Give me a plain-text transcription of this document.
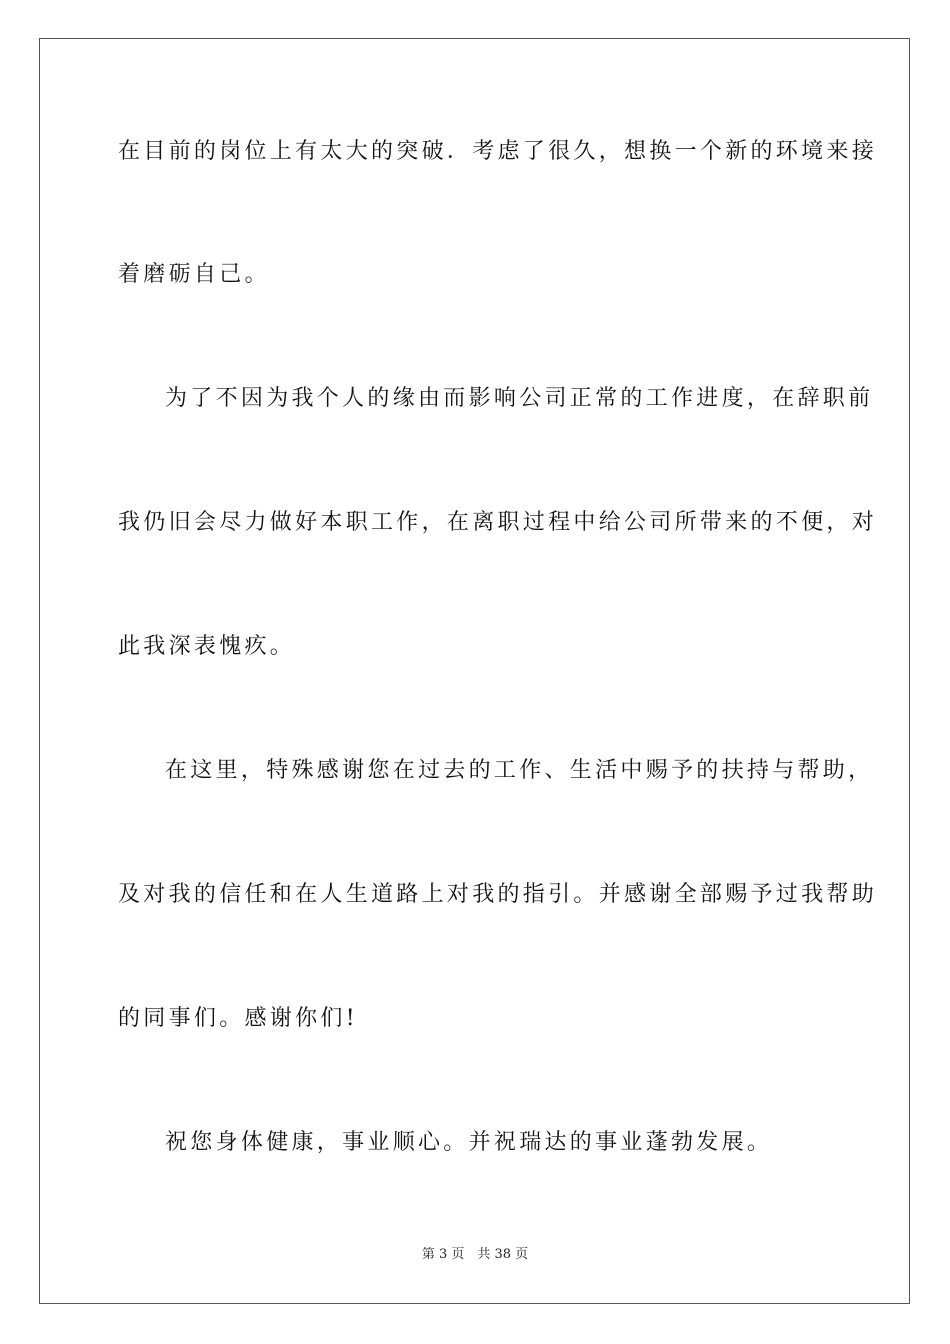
在目前的岗位上有太大的突破．考虑了很久，想换一个新的环境来接
着磨砺自己。
为了不因为我个人的缘由而影响公司正常的工作进度，在辞职前
我仍旧会尽力做好本职工作，在离职过程中给公司所带来的不便，对
此我深表愧疚。
在这里，特殊感谢您在过去的工作、生活中赐予的扶持与帮助，
及对我的信任和在人生道路上对我的指引。并感谢全部赐予过我帮助
的同事们。感谢你们!
祝您身体健康，事业顺心。并祝瑞达的事业蓬勃发展。
第 3 页　共 38 页
